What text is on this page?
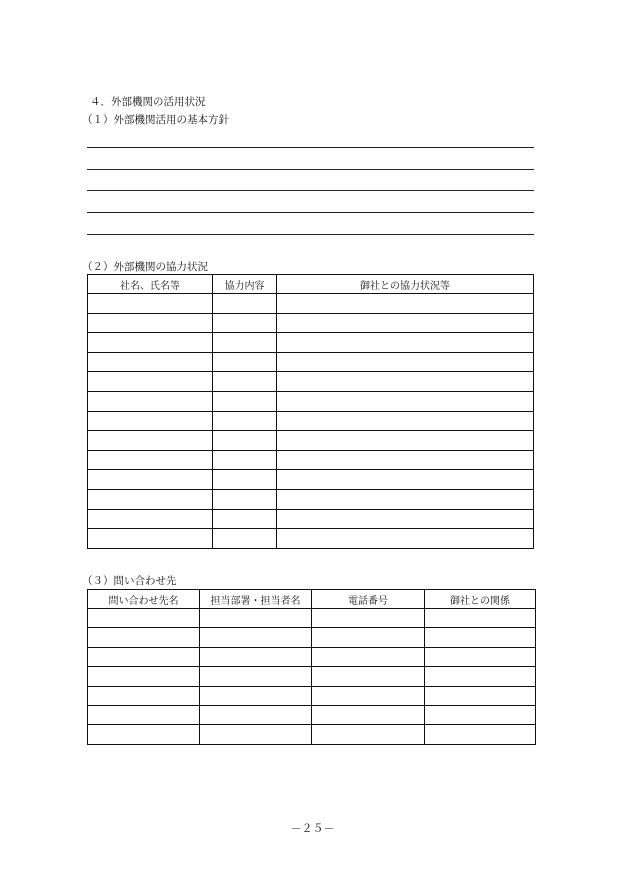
４．外部機関の活用状況
（１）外部機関活用の基本方針
（２）外部機関の協力状況
社名、氏名等	協力内容	御社との協力状況等

（３）問い合わせ先
問い合わせ先名	担当部署・担当者名	電話番号	御社との関係

－２５－
